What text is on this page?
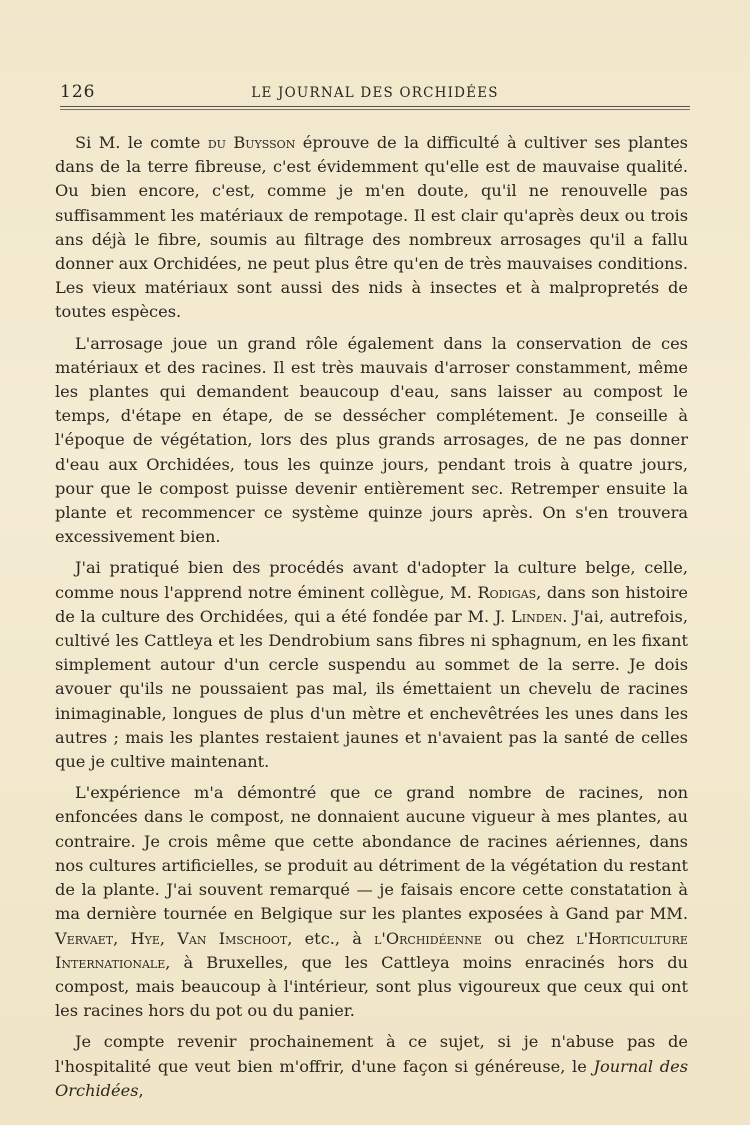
126	LE JOURNAL DES ORCHIDÉES

Si M. le comte du Buysson éprouve de la difficulté à cultiver ses plantes dans de la terre fibreuse, c'est évidemment qu'elle est de mauvaise qualité. Ou bien encore, c'est, comme je m'en doute, qu'il ne renouvelle pas suffisamment les matériaux de rempotage. Il est clair qu'après deux ou trois ans déjà le fibre, soumis au filtrage des nombreux arrosages qu'il a fallu donner aux Orchidées, ne peut plus être qu'en de très mauvaises conditions. Les vieux matériaux sont aussi des nids à insectes et à malpropretés de toutes espèces.

L'arrosage joue un grand rôle également dans la conservation de ces matériaux et des racines. Il est très mauvais d'arroser constamment, même les plantes qui demandent beaucoup d'eau, sans laisser au compost le temps, d'étape en étape, de se dessécher complétement. Je conseille à l'époque de végétation, lors des plus grands arrosages, de ne pas donner d'eau aux Orchidées, tous les quinze jours, pendant trois à quatre jours, pour que le compost puisse devenir entièrement sec. Retremper ensuite la plante et recommencer ce système quinze jours après. On s'en trouvera excessivement bien.

J'ai pratiqué bien des procédés avant d'adopter la culture belge, celle, comme nous l'apprend notre éminent collègue, M. Rodigas, dans son histoire de la culture des Orchidées, qui a été fondée par M. J. Linden. J'ai, autrefois, cultivé les Cattleya et les Dendrobium sans fibres ni sphagnum, en les fixant simplement autour d'un cercle suspendu au sommet de la serre. Je dois avouer qu'ils ne poussaient pas mal, ils émettaient un chevelu de racines inimaginable, longues de plus d'un mètre et enchevêtrées les unes dans les autres ; mais les plantes restaient jaunes et n'avaient pas la santé de celles que je cultive maintenant.

L'expérience m'a démontré que ce grand nombre de racines, non enfoncées dans le compost, ne donnaient aucune vigueur à mes plantes, au contraire. Je crois même que cette abondance de racines aériennes, dans nos cultures artificielles, se produit au détriment de la végétation du restant de la plante. J'ai souvent remarqué — je faisais encore cette constatation à ma dernière tournée en Belgique sur les plantes exposées à Gand par MM. Vervaet, Hye, Van Imschoot, etc., à l'Orchidéenne ou chez l'Horticulture Internationale, à Bruxelles, que les Cattleya moins enracinés hors du compost, mais beaucoup à l'intérieur, sont plus vigoureux que ceux qui ont les racines hors du pot ou du panier.

Je compte revenir prochainement à ce sujet, si je n'abuse pas de l'hospitalité que veut bien m'offrir, d'une façon si généreuse, le Journal des Orchidées,
